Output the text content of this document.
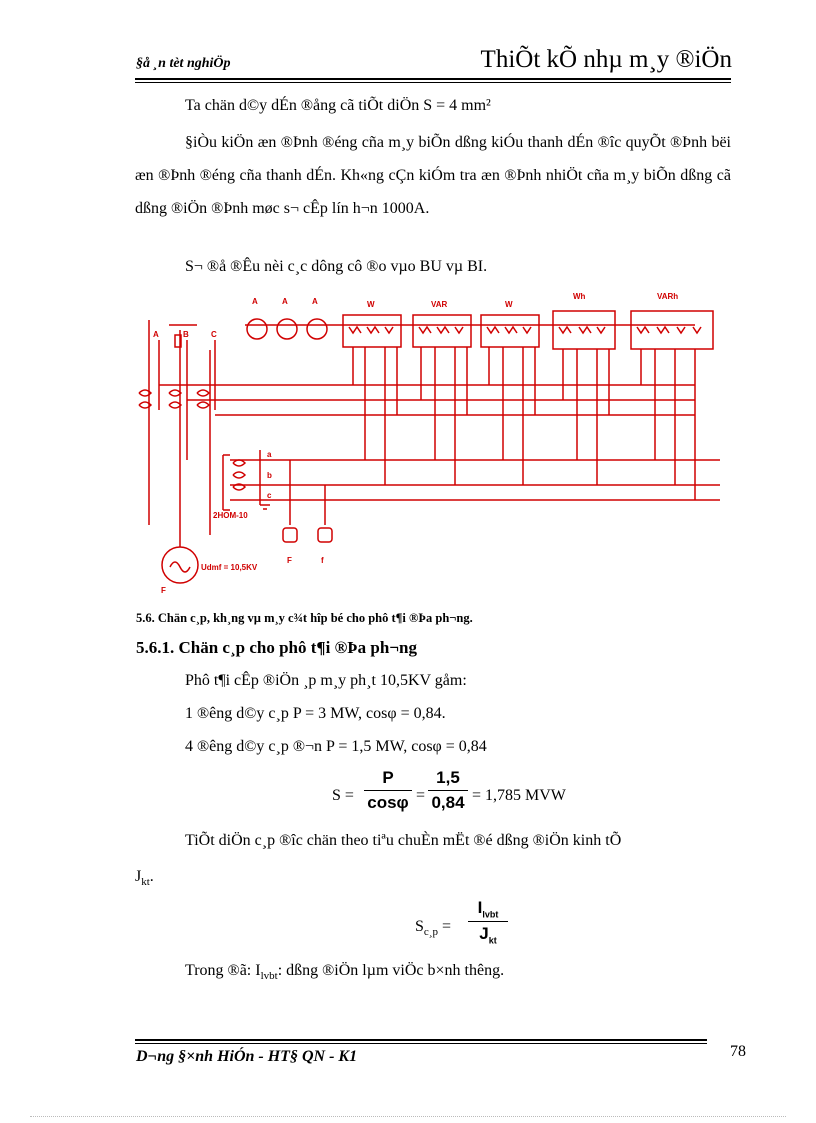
§å ¸n tèt nghiÖp	ThiÕt kÕ nhµ m¸y ®iÖn
Ta chän d©y dÉn ®ång cã tiÕt diÖn S = 4 mm²
§iÒu kiÖn æn ®Þnh ®éng cña m¸y biÕn dßng kiÓu thanh dÉn ®îc quyÕt ®Þnh bëi æn ®Þnh ®éng cña thanh dÉn. Kh«ng cÇn kiÓm tra æn ®Þnh nhiÖt cña m¸y biÕn dßng cã dßng ®iÖn ®Þnh møc s¬ cÊp lín h¬n 1000A.
S¬ ®å ®Êu nèi c¸c dông cô ®o vµo BU vµ BI.
A	A	A	W	VAR	W
Wh	VARh
A	B	C
a
b
c
2HOM-10
F	f
Udmf = 10,5KV
F
5.6. Chän c¸p, kh¸ng vµ m¸y c¾t hîp bé cho phô t¶i ®Þa ph¬ng.
5.6.1. Chän c¸p cho phô t¶i ®Þa ph¬ng
Phô t¶i cÊp ®iÖn ¸p m¸y ph¸t 10,5KV gåm:
1 ®êng d©y c¸p P = 3 MW, cosφ = 0,84.
4 ®êng d©y c¸p ®¬n P = 1,5 MW, cosφ = 0,84
$S = \frac{P}{\cos\varphi} = \frac{1,5}{0,84} = 1,785$ MVW
TiÕt diÖn c¸p ®îc chän theo tiªu chuÈn mËt ®é dßng ®iÖn kinh tÕ
$J_{kt}$.
$S_{c¸p}$ =
$I_{lvbt}$
$J_{kt}$
Trong ®ã: $I_{lvbt}$: dßng ®iÖn lµm viÖc b×nh thêng.
D¬ng §×nh HiÓn - HT§ QN - K1	78
